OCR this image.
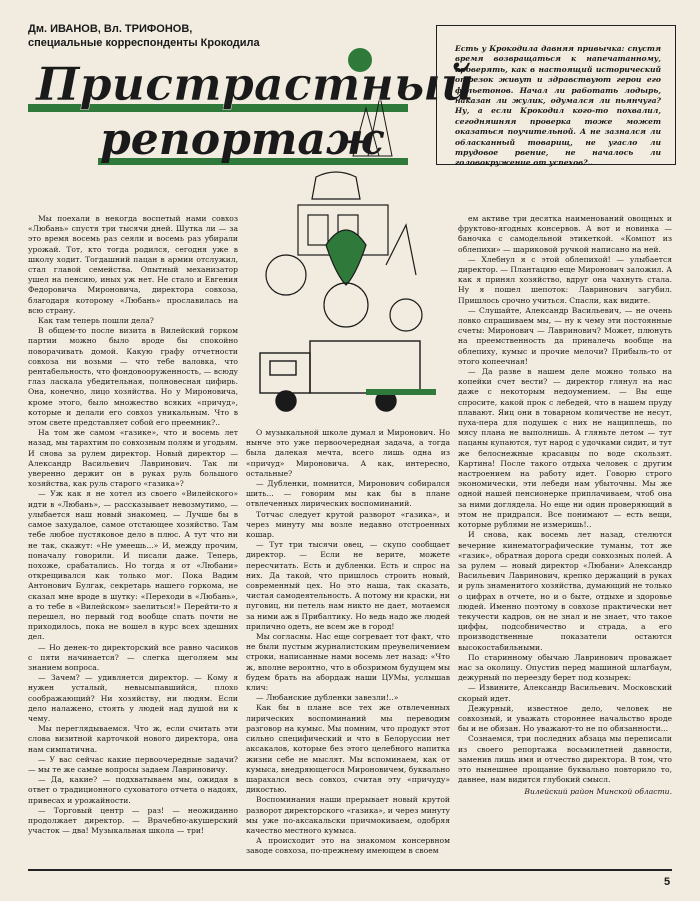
Дм. ИВАНОВ, Вл. ТРИФОНОВ,
специальные корреспонденты Крокодила
Пристрастный
репортаж
Есть у Крокодила давняя привычка: спустя время возвращаться к напечатанному, проверять, как в настоящий исторический отрезок живут и здравствуют герои его фельетонов. Начал ли работать лодырь, наказан ли жулик, одумался ли пьянчуга? Ну, а если Крокодил кого-то похвалил, сегодняшняя проверка тоже может оказаться поучительной. А не зазнался ли обласканный товарищ, не угасло ли трудовое рвение, не началось ли головокружение от успехов?..

Мы поехали в некогда воспетый нами совхоз «Любань» спустя три тысячи дней. Шутка ли — за это время восемь раз сеяли и восемь раз убирали урожай. Тот, кто тогда родился, сегодня уже в школу ходит. Тогдашний пацан в армии отслужил, стал главой семейства. Опытный механизатор ушел на пенсию, иных уж нет. Не стало и Евгения Федоровича Мироновича, директора совхоза, благодаря которому «Любань» прославилась на всю страну.

Как там теперь пошли дела?

В общем-то после визита в Вилейский горком партии можно было вроде бы спокойно поворачивать домой. Какую графу отчетности совхоза ни возьми — что тебе валовка, что рентабельность, что фондовооруженность, — всюду глаз ласкала убедительная, полновесная цифирь. Она, конечно, лицо хозяйства. Но у Мироновича, кроме этого, было множество всяких «причуд», которые и делали его совхоз уникальным. Что в этом свете представляет собой его преемник?..

На том же самом «газике», что и восемь лет назад, мы тарахтим по совхозным полям и угодьям. И снова за рулем директор. Новый директор — Александр Васильевич Лавринович. Так ли уверенно держит он в руках руль большого хозяйства, как руль старого «газика»?

— Уж как я не хотел из своего «Вилейского» идти в «Любань», — рассказывает невозмутимо, — улыбается наш новый знакомец. — Лучше бы в самое захудалое, самое отстающее хозяйство. Там тебе любое пустяковое дело в плюс. А тут что ни не так, скажут: «Не умеешь...» И, между прочим, поначалу говорили. И писали даже. Теперь, похоже, срабатались. Но тогда я от «Любани» открещивался как только мог. Пока Вадим Антонович Булгак, секретарь нашего горкома, не сказал мне вроде в шутку: «Переходи в «Любань», а то тебе в «Вилейском» заелиться!» Перейти-то я перешел, но первый год вообще спать почти не приходилось, пока не вошел в курс всех здешних дел.

— Но денек-то директорский все равно часиков с пяти начинается? — слегка щеголяем мы знанием вопроса.

— Зачем? — удивляется директор. — Кому я нужен усталый, невысыпавшийся, плохо соображающий? Ни хозяйству, ни людям. Если дело налажено, стоять у людей над душой ни к чему.

Мы переглядываемся. Что ж, если считать эти слова визитной карточкой нового директора, она нам симпатична.

— У вас сейчас какие первоочередные задачи? — мы те же самые вопросы задаем Лавриновичу.

— Да, какие? — подхватываем мы, ожидая в ответ о традиционного суховатого отчета о надоях, привесах и урожайности.

— Торговый центр — раз! — неожиданно продолжает директор. — Врачебно-акушерский участок — два! Музыкальная школа — три!

О музыкальной школе думал и Миронович. Но нынче это уже первоочередная задача, а тогда была далекая мечта, всего лишь одна из «причуд» Мироновича. А как, интересно, остальные?

— Дубленки, помнится, Миронович собирался шить... — говорим мы как бы в плане отвлеченных лирических воспоминаний.

Тотчас следует крутой разворот «газика», и через минуту мы возле недавно отстроенных кошар.

— Тут три тысячи овец, — скупо сообщает директор. — Если не верите, можете пересчитать. Есть и дубленки. Есть и спрос на них. Да такой, что пришлось строить новый, современный цех. Но это наша, так сказать, чистая самодеятельность. А потому ни краски, ни пуговиц, ни петель нам никто не дает, мотаемся за ними аж в Прибалтику. Но ведь надо же людей прилично одеть, не всем же в город!

Мы согласны. Нас еще согревает тот факт, что не были пустым журналистским преувеличением строки, написанные нами восемь лет назад: «Что ж, вполне вероятно, что в обозримом будущем мы будем брать на абордаж наши ЦУМы, услышав клич:

— Любанские дубленки завезли!..»

Как бы в плане все тех же отвлеченных лирических воспоминаний мы переводим разговор на кумыс. Мы помним, что продукт этот сильно специфический и что в Белоруссии нет аксакалов, которые без этого целебного напитка жизни себе не мыслят. Мы вспоминаем, как от кумыса, внедряющегося Мироновичем, буквально шарахался весь совхоз, считая эту «причуду» дикостью.

Воспоминания наши прерывает новый крутой разворот директорского «газика», и через минуту мы уже по-аксакальски причмокиваем, одобряя качество местного кумыса.

А происходит это на знакомом консервном заводе совхоза, по-прежнему имеющем в своем

ем активе три десятка наименований овощных и фруктово-ягодных консервов. А вот и новинка — баночка с самодельной этикеткой. «Компот из облепихи» — шариковой ручкой написано на ней.

— Хлебнул я с этой облепихой! — улыбается директор. — Плантацию еще Миронович заложил. А как я принял хозяйство, вдруг она чахнуть стала. Ну я пошел шепоток: Лавринович загубил. Пришлось срочно учиться. Спасли, как видите.

— Слушайте, Александр Васильевич, — не очень ловко спрашиваем мы, — ну к чему эти постоянные счеты: Миронович — Лавринович? Может, плюнуть на преемственность да приналечь вообще на облепиху, кумыс и прочие мелочи? Прибыль-то от этого копеечная!

— Да разве в нашем деле можно только на копейки счет вести? — директор глянул на нас даже с некоторым недоумением. — Вы еще спросите, какой прок с лебедей, что в нашем пруду плавают. Яиц они в товарном количестве не несут, пуха-пера для подушек с них не нащиплешь, по мясу плана не выполнишь. А гляньте летом — тут пацаны купаются, тут народ с удочками сидит, и тут же белоснежные красавцы по воде скользят. Картина! После такого отдыха человек с другим настроением на работу идет. Говорю строго экономически, эти лебеди нам убыточны. Мы же одной нашей пенсионерке приплачиваем, чтоб она за ними доглядела. Но еще ни один проверяющий в этом не придрался. Все понимают — есть вещи, которые рублями не измеришь!..

И снова, как восемь лет назад, стелются вечерние кинематографические туманы, тот же «газик», обратная дорога среди совхозных полей. А за рулем — новый директор «Любани» Александр Васильевич Лавринович, крепко держащий в руках и руль знаменитого хозяйства, думающий не только о цифрах в отчете, но и о быте, отдыхе и здоровье людей. Именно поэтому в совхозе практически нет текучести кадров, он не знал и не знает, что такое циффы, подсобничество и страда, а его производственные показатели остаются высокостабильными.

По старинному обычаю Лавринович проважает нас за околицу. Опустив перед машиной шлагбаум, дежурный по переезду берет под козырек:

— Извините, Александр Васильевич. Московский скорый идет.

Дежурный, известное дело, человек не совхозный, и уважать стороннее начальство вроде бы и не обязан. Но уважают-то не по обязанности...

Сознаемся, три последних абзаца мы переписали из своего репортажа восьмилетней давности, заменив лишь имя и отчество директора. В том, что это нынешнее прощание буквально повторило то, давнее, нам видится глубокий смысл.

Вилейский район Минской области.
5
